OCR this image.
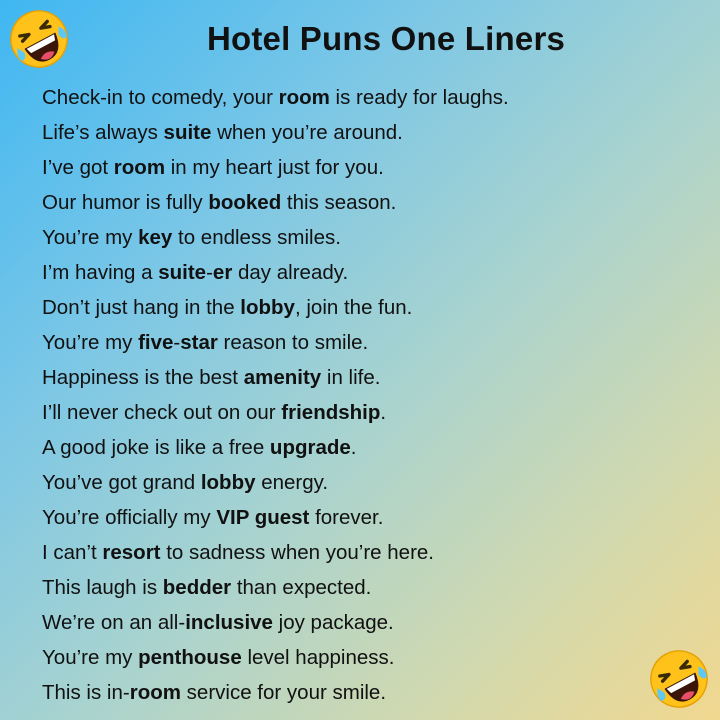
Hotel Puns One Liners
Check-in to comedy, your room is ready for laughs.
Life’s always suite when you’re around.
I’ve got room in my heart just for you.
Our humor is fully booked this season.
You’re my key to endless smiles.
I’m having a suite-er day already.
Don’t just hang in the lobby, join the fun.
You’re my five-star reason to smile.
Happiness is the best amenity in life.
I’ll never check out on our friendship.
A good joke is like a free upgrade.
You’ve got grand lobby energy.
You’re officially my VIP guest forever.
I can’t resort to sadness when you’re here.
This laugh is bedder than expected.
We’re on an all-inclusive joy package.
You’re my penthouse level happiness.
This is in-room service for your smile.
